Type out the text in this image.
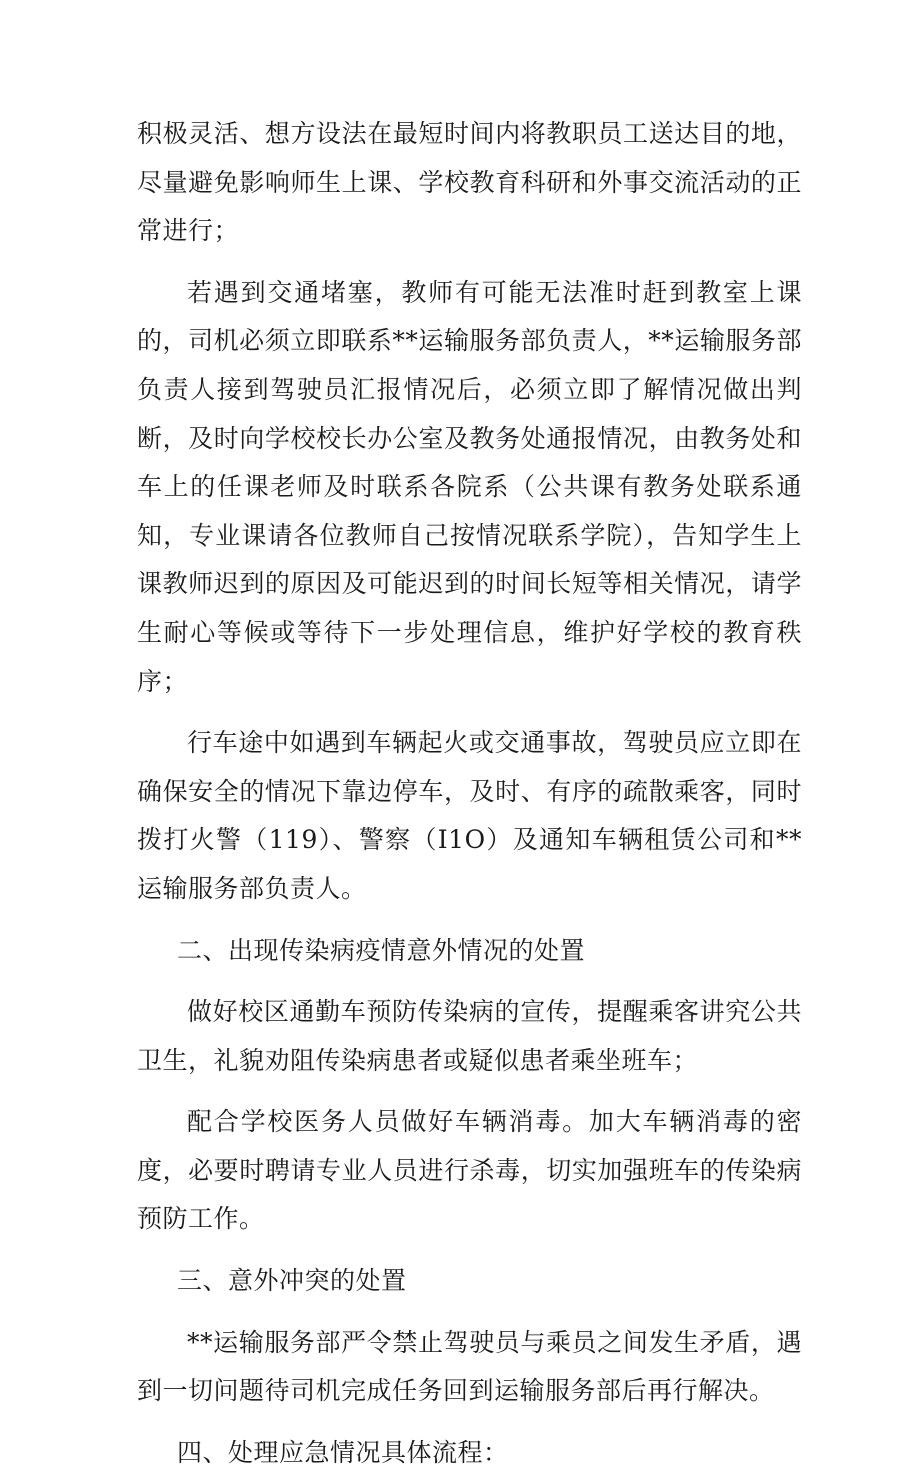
积极灵活、想方设法在最短时间内将教职员工送达目的地，尽量避免影响师生上课、学校教育科研和外事交流活动的正常进行；

若遇到交通堵塞，教师有可能无法准时赶到教室上课的，司机必须立即联系**运输服务部负责人，**运输服务部负责人接到驾驶员汇报情况后，必须立即了解情况做出判断，及时向学校校长办公室及教务处通报情况，由教务处和车上的任课老师及时联系各院系（公共课有教务处联系通知，专业课请各位教师自己按情况联系学院），告知学生上课教师迟到的原因及可能迟到的时间长短等相关情况，请学生耐心等候或等待下一步处理信息，维护好学校的教育秩序；

行车途中如遇到车辆起火或交通事故，驾驶员应立即在确保安全的情况下靠边停车，及时、有序的疏散乘客，同时拨打火警（119）、警察（I1O）及通知车辆租赁公司和**运输服务部负责人。

二、出现传染病疫情意外情况的处置

做好校区通勤车预防传染病的宣传，提醒乘客讲究公共卫生，礼貌劝阻传染病患者或疑似患者乘坐班车；

配合学校医务人员做好车辆消毒。加大车辆消毒的密度，必要时聘请专业人员进行杀毒，切实加强班车的传染病预防工作。

三、意外冲突的处置

**运输服务部严令禁止驾驶员与乘员之间发生矛盾，遇到一切问题待司机完成任务回到运输服务部后再行解决。

四、处理应急情况具体流程：
